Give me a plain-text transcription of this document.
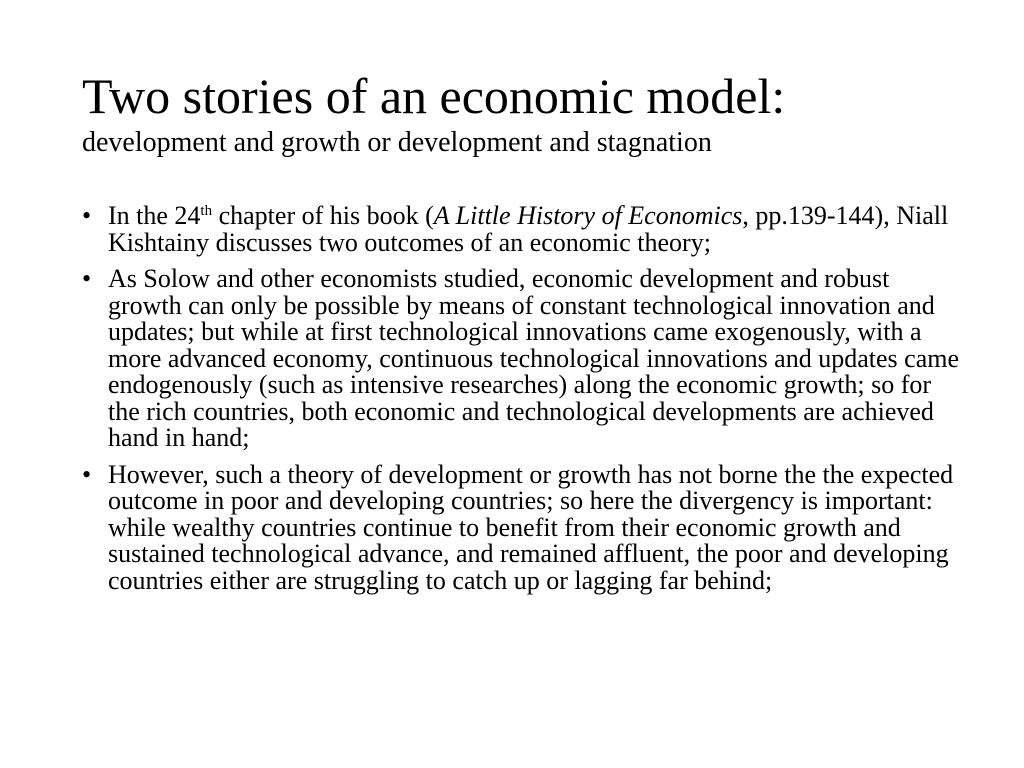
Two stories of an economic model:
development and growth or development and stagnation
• In the 24th chapter of his book (A Little History of Economics, pp.139-144), Niall Kishtainy discusses two outcomes of an economic theory;
• As Solow and other economists studied, economic development and robust growth can only be possible by means of constant technological innovation and updates; but while at first technological innovations came exogenously, with a more advanced economy, continuous technological innovations and updates came endogenously (such as intensive researches) along the economic growth; so for the rich countries, both economic and technological developments are achieved hand in hand;
• However, such a theory of development or growth has not borne the the expected outcome in poor and developing countries; so here the divergency is important: while wealthy countries continue to benefit from their economic growth and sustained technological advance, and remained affluent, the poor and developing countries either are struggling to catch up or lagging far behind;
